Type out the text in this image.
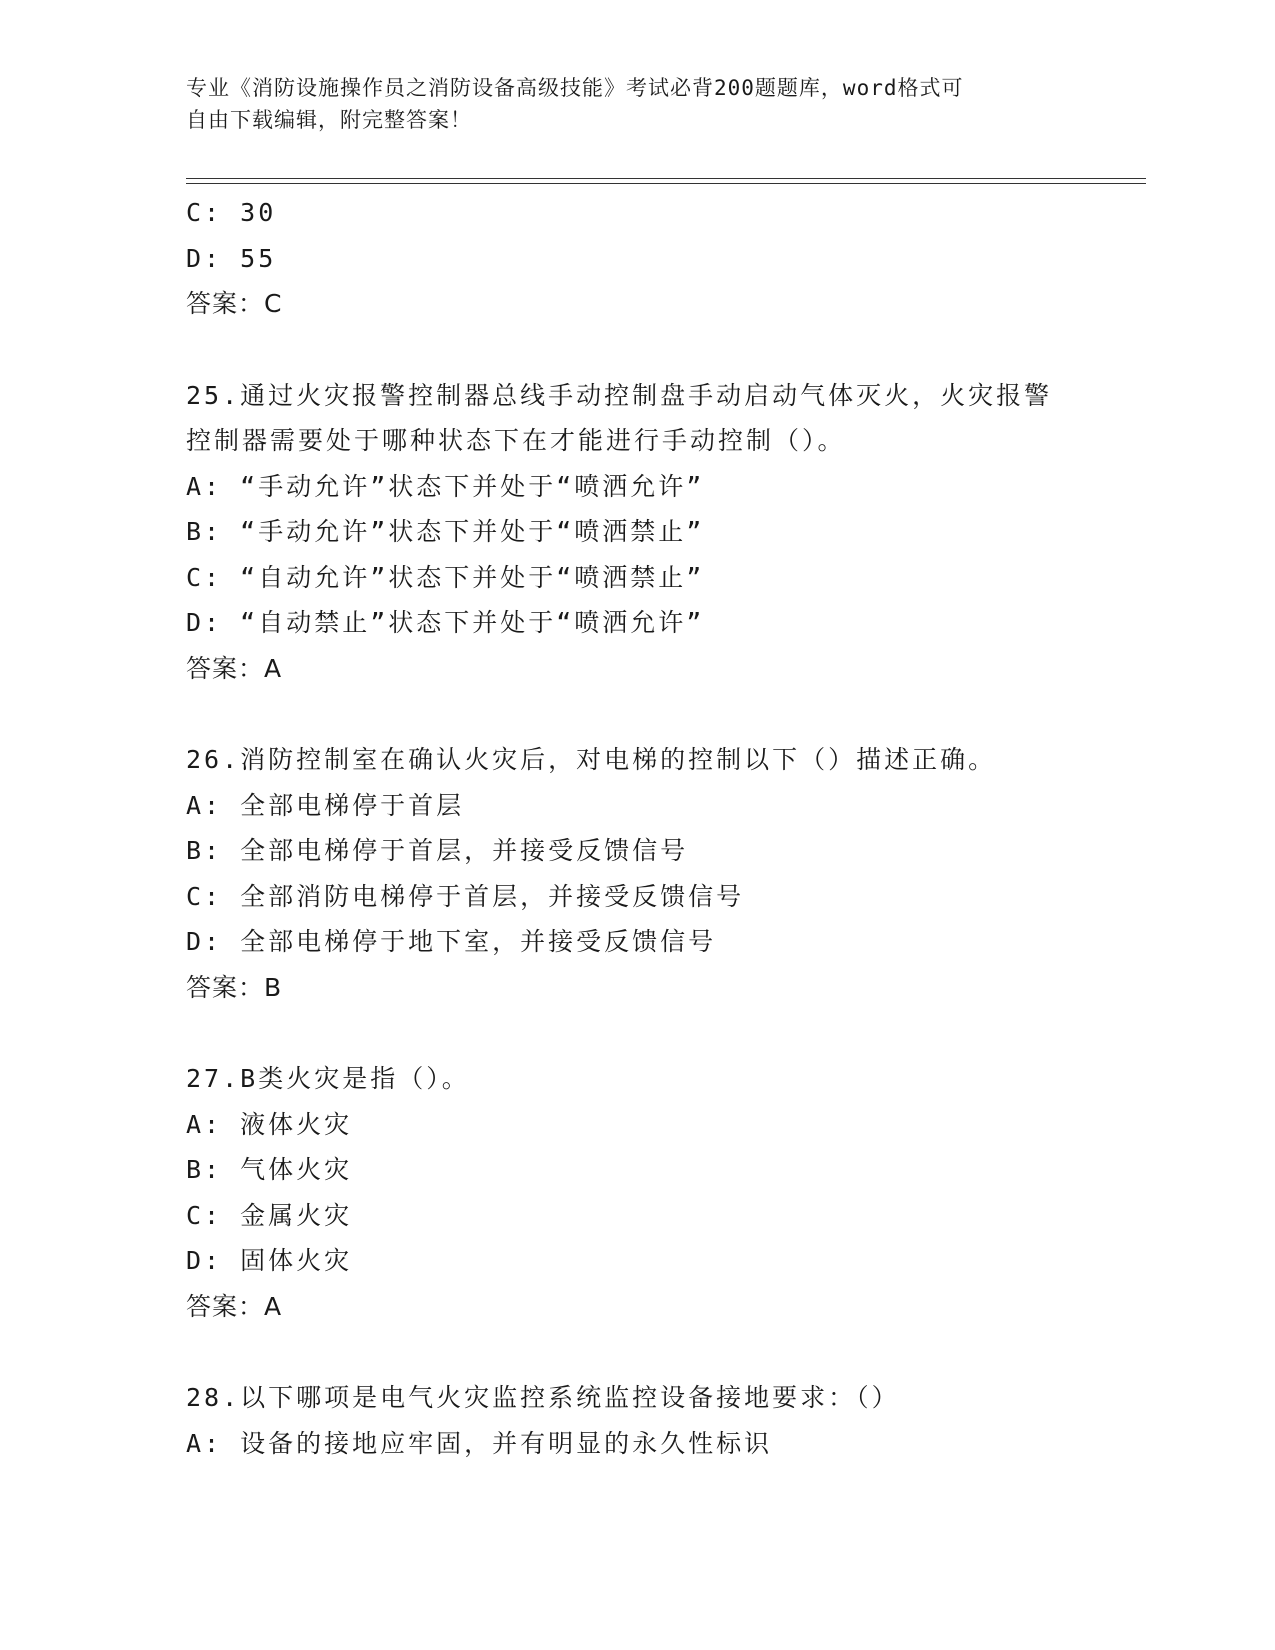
专业《消防设施操作员之消防设备高级技能》考试必背200题题库，word格式可
自由下载编辑，附完整答案！
C: 30
D: 55
答案：C
25.通过火灾报警控制器总线手动控制盘手动启动气体灭火，火灾报警
控制器需要处于哪种状态下在才能进行手动控制（）。
A: “手动允许”状态下并处于“喷洒允许”
B: “手动允许”状态下并处于“喷洒禁止”
C: “自动允许”状态下并处于“喷洒禁止”
D: “自动禁止”状态下并处于“喷洒允许”
答案：A
26.消防控制室在确认火灾后，对电梯的控制以下（）描述正确。
A: 全部电梯停于首层
B: 全部电梯停于首层，并接受反馈信号
C: 全部消防电梯停于首层，并接受反馈信号
D: 全部电梯停于地下室，并接受反馈信号
答案：B
27.B类火灾是指（）。
A: 液体火灾
B: 气体火灾
C: 金属火灾
D: 固体火灾
答案：A
28.以下哪项是电气火灾监控系统监控设备接地要求：（）
A: 设备的接地应牢固，并有明显的永久性标识
